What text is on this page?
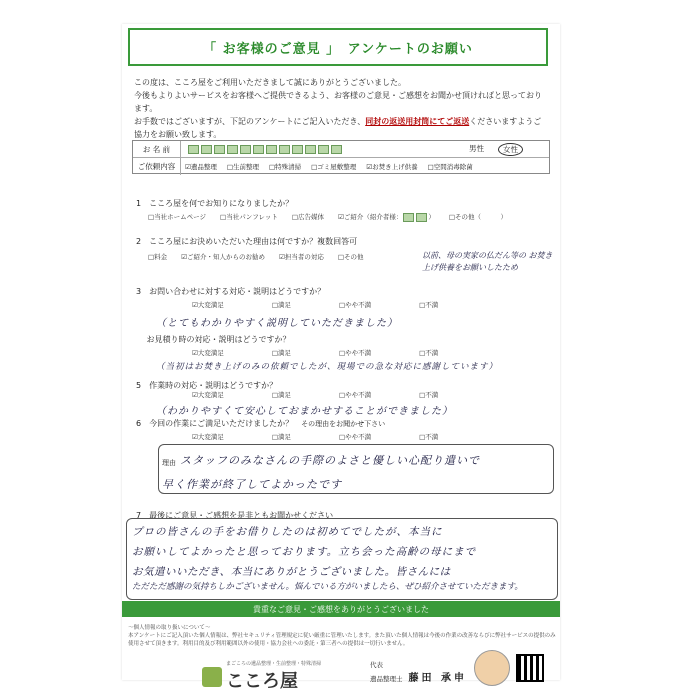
「 お客様のご意見 」　アンケートのお願い
この度は、こころ屋をご利用いただきまして誠にありがとうございました。
今後もよりよいサービスをお客様へご提供できるよう、お客様のご意見・ご感想をお聞かせ頂ければと思っております。
お手数ではございますが、下記のアンケートにご記入いただき、同封の返送用封筒にてご返送くださいますようご協力をお願い致します。
お 名 前	男性	女性
ご依頼内容	☑遺品整理 □生前整理 □特殊清掃 □ゴミ屋敷整理 ☑お焚き上げ供養 □空間消毒除菌
1　こころ屋を何でお知りになりましたか？
□当社ホームページ □当社パンフレット □広告媒体 ☑ご紹介（紹介者様：	） □その他（　　　）
2　こころ屋にお決めいただいた理由は何ですか？複数回答可
□料金 ☑ご紹介・知人からのお勧め ☑担当者の対応 □その他	以前、母の実家の仏だん等の お焚き上げ供養をお願いしたため
3　お問い合わせに対する対応・説明はどうですか？
☑大変満足	□満足	□やや不満	□不満
（とてもわかりやすく説明していただきました）
　 お見積り時の対応・説明はどうですか？
☑大変満足	□満足	□やや不満	□不満
（当初はお焚き上げのみの依頼でしたが、現場での急な対応に感謝しています）
5　作業時の対応・説明はどうですか？
☑大変満足	□満足	□やや不満	□不満
（わかりやすくて安心しておまかせすることができました）
6　今回の作業にご満足いただけましたか？　 その理由をお聞かせ下さい
☑大変満足	□満足	□やや不満	□不満
理由 スタッフのみなさんの手際のよさと優しい心配り遣いで
早く作業が終了してよかったです
7　最後にご意見・ご感想を是非ともお聞かせください
プロの皆さんの手をお借りしたのは初めてでしたが、本当に
お願いしてよかったと思っております。立ち会った高齢の母にまで
お気遣いいただき、本当にありがとうございました。皆さんには
ただただ感謝の気持ちしかございません。悩んでいる方がいましたら、ぜひ紹介させていただきます。
貴重なご意見・ご感想をありがとうございました
～個人情報の取り扱いについて～
本アンケートにご記入頂いた個人情報は、弊社セキュリティ管理規定に従い厳重に管理いたします。また頂いた個人情報は今後の作業の改善ならびに弊社サービスの提供のみ使用させて頂きます。利用目的及び利用範囲以外の使用・協力会社への委託・第三者への提供は一切行いません。
まごころの遺品整理・生前整理・特殊清掃
こころ屋
代表
遺品整理士 藤田 承申
